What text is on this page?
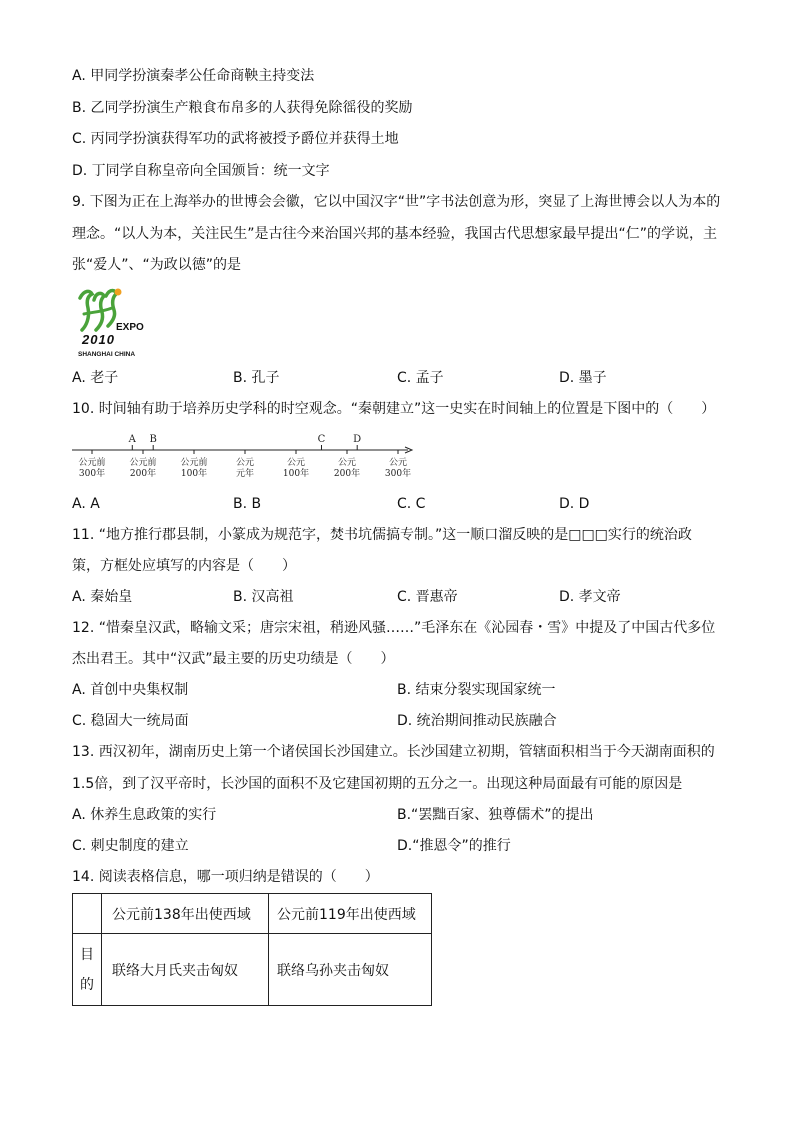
A. 甲同学扮演秦孝公任命商鞅主持变法
B. 乙同学扮演生产粮食布帛多的人获得免除徭役的奖励
C. 丙同学扮演获得军功的武将被授予爵位并获得土地
D. 丁同学自称皇帝向全国颁旨：统一文字
9. 下图为正在上海举办的世博会会徽，它以中国汉字“世”字书法创意为形，突显了上海世博会以人为本的
理念。“以人为本，关注民生”是古往今来治国兴邦的基本经验，我国古代思想家最早提出“仁”的学说，主
张“爱人”、“为政以德”的是
EXPO
2010
SHANGHAI CHINA
A. 老子	B. 孔子	C. 孟子	D. 墨子
10. 时间轴有助于培养历史学科的时空观念。“秦朝建立”这一史实在时间轴上的位置是下图中的（　　）
公元前
300年
公元前
200年
公元前
100年
公元
元年
公元
100年
公元
200年
公元
300年
A B	C	D
A. A	B. B	C. C	D. D
11. “地方推行郡县制，小篆成为规范字，焚书坑儒搞专制。”这一顺口溜反映的是□□□实行的统治政
策，方框处应填写的内容是（　　）
A. 秦始皇	B. 汉高祖	C. 晋惠帝	D. 孝文帝
12. “惜秦皇汉武，略输文采；唐宗宋祖，稍逊风骚……”毛泽东在《沁园春・雪》中提及了中国古代多位
杰出君王。其中“汉武”最主要的历史功绩是（　　）
A. 首创中央集权制	B. 结束分裂实现国家统一
C. 稳固大一统局面	D. 统治期间推动民族融合
13. 西汉初年，湖南历史上第一个诸侯国长沙国建立。长沙国建立初期，管辖面积相当于今天湖南面积的
1.5倍，到了汉平帝时，长沙国的面积不及它建国初期的五分之一。出现这种局面最有可能的原因是
A. 休养生息政策的实行	B.“罢黜百家、独尊儒术”的提出
C. 刺史制度的建立	D.“推恩令”的推行
14. 阅读表格信息，哪一项归纳是错误的（　　）
	公元前138年出使西域	公元前119年出使西域

目
的	联络大月氏夹击匈奴	联络乌孙夹击匈奴
